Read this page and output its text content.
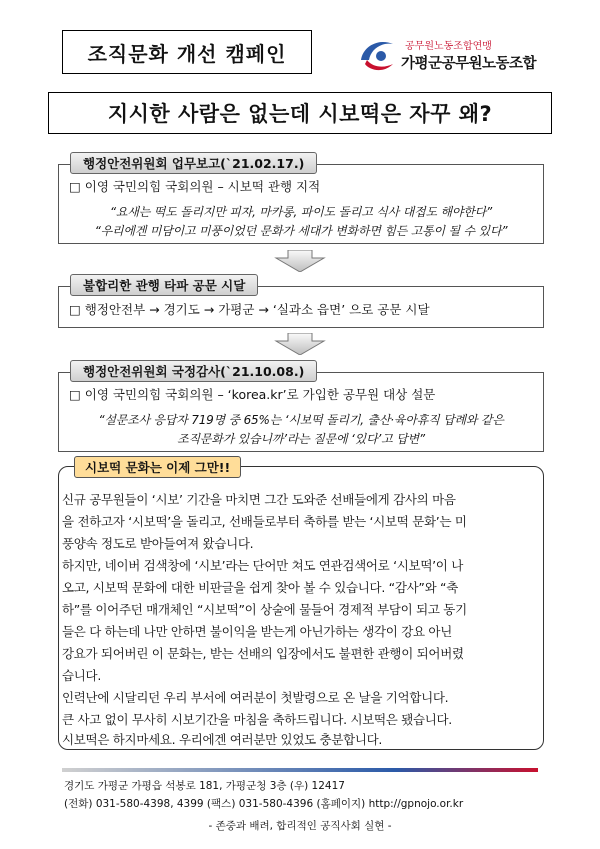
조직문화 개선 캠페인	공무원노동조합연맹
가평군공무원노동조합
지시한 사람은 없는데 시보떡은 자꾸 왜?
□ 이영 국민의힘 국회의원 – 시보떡 관행 지적
“요새는 떡도 돌리지만 피자, 마카롱, 파이도 돌리고 식사 대접도 해야한다”
“우리에겐 미담이고 미풍이었던 문화가 세대가 변화하면 힘든 고통이 될 수 있다”
행정안전위원회 업무보고(`21.02.17.)
□ 행정안전부 → 경기도 → 가평군 → ‘실과소 읍면’ 으로 공문 시달
불합리한 관행 타파 공문 시달
□ 이영 국민의힘 국회의원 – ‘korea.kr’로 가입한 공무원 대상 설문
“설문조사 응답자 719명 중 65%는 ‘시보떡 돌리기, 출산·육아휴직 답례와 같은
조직문화가 있습니까’라는 질문에 ‘있다’고 답변”
행정안전위원회 국정감사(`21.10.08.)
시보떡 문화는 이제 그만!!
신규 공무원들이 ‘시보’ 기간을 마치면 그간 도와준 선배들에게 감사의 마음
을 전하고자 ‘시보떡’을 돌리고, 선배들로부터 축하를 받는 ‘시보떡 문화’는 미
풍양속 정도로 받아들여져 왔습니다.
하지만, 네이버 검색창에 ‘시보’라는 단어만 쳐도 연관검색어로 ‘시보떡’이 나
오고, 시보떡 문화에 대한 비판글을 쉽게 찾아 볼 수 있습니다. “감사”와 “축
하”를 이어주던 매개체인 “시보떡”이 상술에 물들어 경제적 부담이 되고 동기
들은 다 하는데 나만 안하면 불이익을 받는게 아닌가하는 생각이 강요 아닌
강요가 되어버린 이 문화는, 받는 선배의 입장에서도 불편한 관행이 되어버렸
습니다.
인력난에 시달리던 우리 부서에 여러분이 첫발령으로 온 날을 기억합니다.
큰 사고 없이 무사히 시보기간을 마침을 축하드립니다. 시보떡은 됐습니다.
시보떡은 하지마세요. 우리에겐 여러분만 있었도 충분합니다.
경기도 가평군 가평읍 석봉로 181, 가평군청 3층 (우) 12417
(전화) 031-580-4398, 4399 (팩스) 031-580-4396 (홈페이지) http://gpnojo.or.kr
- 존중과 배려, 합리적인 공직사회 실현 -
